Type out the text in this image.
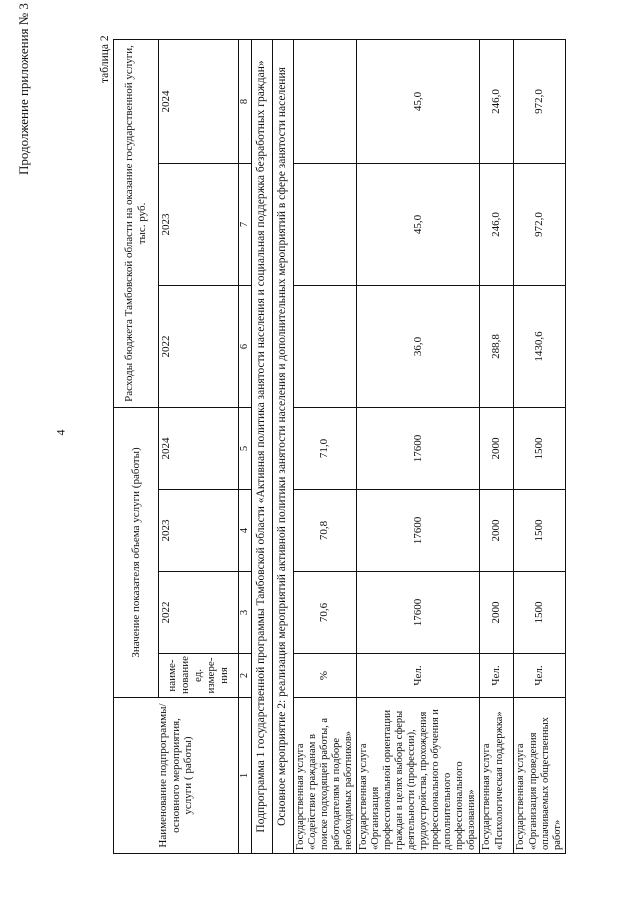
4
Продолжение приложения № 3	таблица 2
Наименование подпрограммы/ основного мероприятия, услуги ( работы)	Значение показателя объема услуги (работы)				Расходы бюджета Тамбовской области на оказание государственной услуги, тыс. руб.		
	наиме- нование ед. измере- ния	2022	2023	2024	2022	2023	2024
1	2	3	4	5	6	7	8
Подпрограмма 1 государственной программы Тамбовской области «Активная политика занятости населения и социальная поддержка безработных граждан»							
Основное мероприятие 2: реализация мероприятий активной политики занятости населения и дополнительных мероприятий в сфере занятости населения							
Государственная услуга «Содействие гражданам в поиске подходящей работы, а работодателям в подборе необходимых работников»	%	70,6	70,8	71,0			
Государственная услуга «Организация профессиональной ориентации граждан в целях выбора сферы деятельности (профессии), трудоустройства, прохождения профессионального обучения и дополнительного профессионального образования»	Чел.	17600	17600	17600	36,0	45,0	45,0
Государственная услуга «Психологическая поддержка»	Чел.	2000	2000	2000	288,8	246,0	246,0
Государственная услуга «Организация проведения оплачиваемых общественных работ»	Чел.	1500	1500	1500	1430,6	972,0	972,0
